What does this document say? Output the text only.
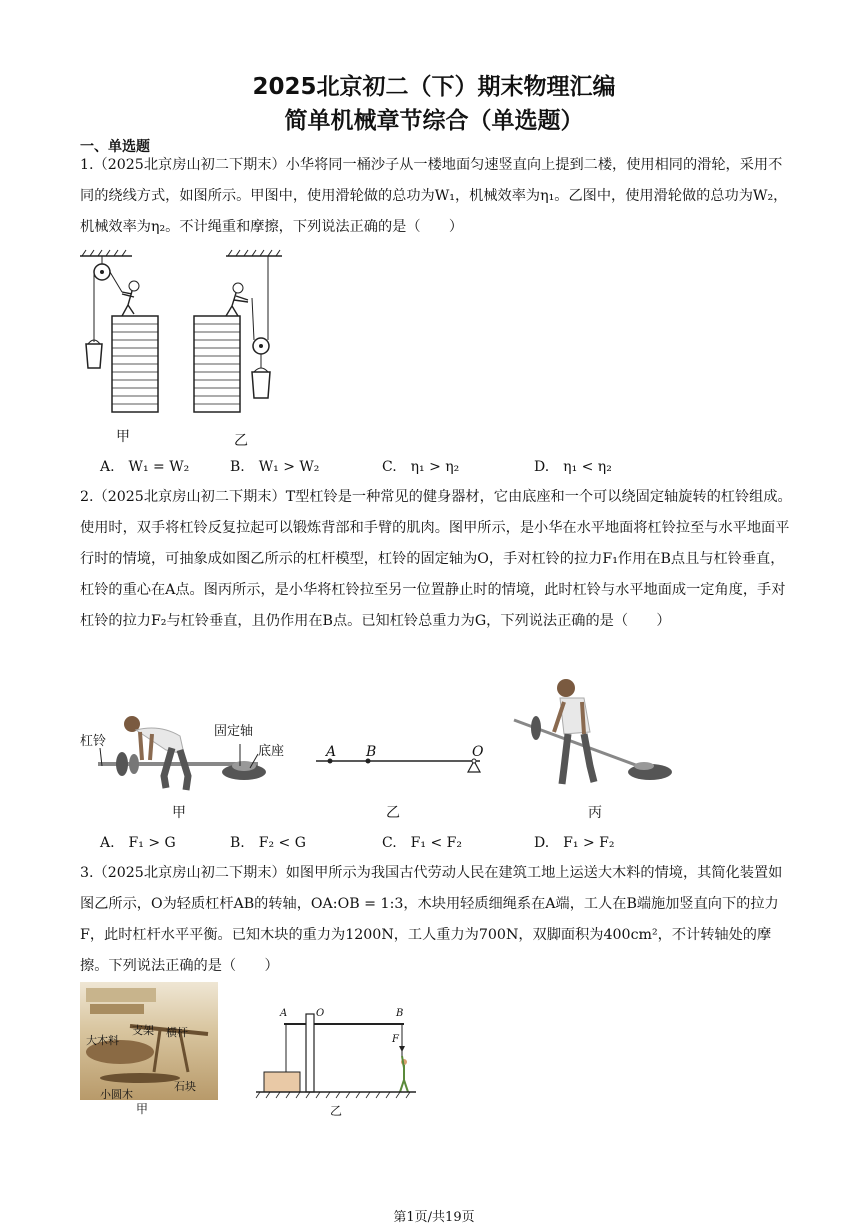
2025北京初二（下）期末物理汇编
简单机械章节综合（单选题）
一、单选题
1.（2025北京房山初二下期末）小华将同一桶沙子从一楼地面匀速竖直向上提到二楼，使用相同的滑轮，采用不同的绕线方式，如图所示。甲图中，使用滑轮做的总功为W₁，机械效率为η₁。乙图中，使用滑轮做的总功为W₂，机械效率为η₂。不计绳重和摩擦，下列说法正确的是（　　）
甲	乙
A.　W₁ = W₂	B.　W₁ > W₂	C.　η₁ > η₂	D.　η₁ < η₂
2.（2025北京房山初二下期末）T型杠铃是一种常见的健身器材，它由底座和一个可以绕固定轴旋转的杠铃组成。使用时，双手将杠铃反复拉起可以锻炼背部和手臂的肌肉。图甲所示，是小华在水平地面将杠铃拉至与水平地面平行时的情境，可抽象成如图乙所示的杠杆模型，杠铃的固定轴为O，手对杠铃的拉力F₁作用在B点且与杠铃垂直，杠铃的重心在A点。图丙所示，是小华将杠铃拉至另一位置静止时的情境，此时杠铃与水平地面成一定角度，手对杠铃的拉力F₂与杠铃垂直，且仍作用在B点。已知杠铃总重力为G，下列说法正确的是（　　）
杠铃
固定轴
底座	A B	O
甲	乙	丙
A.　F₁ > G	B.　F₂ < G	C.　F₁ < F₂	D.　F₁ > F₂
3.（2025北京房山初二下期末）如图甲所示为我国古代劳动人民在建筑工地上运送大木料的情境，其简化装置如图乙所示，O为轻质杠杆AB的转轴，OA:OB = 1:3，木块用轻质细绳系在A端，工人在B端施加竖直向下的拉力F，此时杠杆水平平衡。已知木块的重力为1200N，工人重力为700N，双脚面积为400cm²，不计转轴处的摩擦。下列说法正确的是（　　）
大木料
支架 横杆
石块
小圆木
甲
A	O	B
F
乙
第1页/共19页
